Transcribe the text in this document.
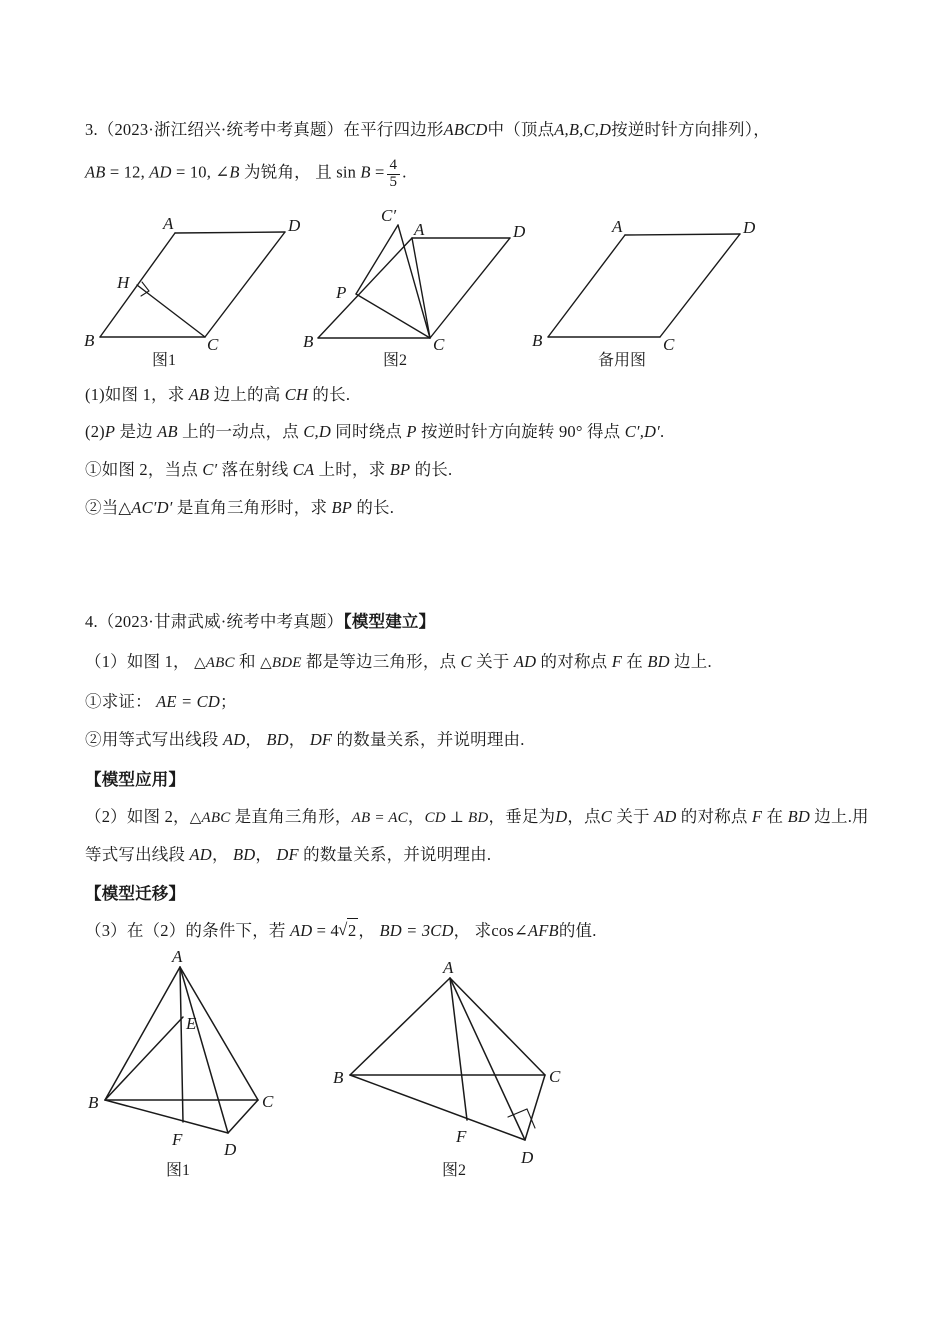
3.（2023·浙江绍兴·统考中考真题）在平行四边形ABCD中（顶点A,B,C,D按逆时针方向排列），
AB = 12, AD = 10, ∠B 为锐角， 且 $\sin B = \frac{4}{5}$ .
A	D
H
B	C
图1
C′
A	D
P
B	C
图2
A	D
B	C
备用图
(1)如图 1，求 AB 边上的高 CH 的长.
(2)P 是边 AB 上的一动点，点 C,D 同时绕点 P 按逆时针方向旋转 90° 得点 C′,D′.
①如图 2，当点 C′ 落在射线 CA 上时，求 BP 的长.
②当△AC′D′ 是直角三角形时，求 BP 的长.
4.（2023·甘肃武威·统考中考真题）【模型建立】
（1）如图 1， △ABC 和 △BDE 都是等边三角形，点 C 关于 AD 的对称点 F 在 BD 边上.
①求证： AE = CD；
②用等式写出线段 AD， BD， DF 的数量关系，并说明理由.
【模型应用】
（2）如图 2，△ABC 是直角三角形，AB = AC，CD ⊥ BD，垂足为D，点C 关于 AD 的对称点 F 在 BD 边上.用
等式写出线段 AD， BD， DF 的数量关系，并说明理由.
【模型迁移】
（3）在（2）的条件下，若 AD = 4 √ 2 ， BD = 3CD， 求cos∠AFB的值.
A
E
B	C
F
D
图1
A
B	C
F
D
图2
